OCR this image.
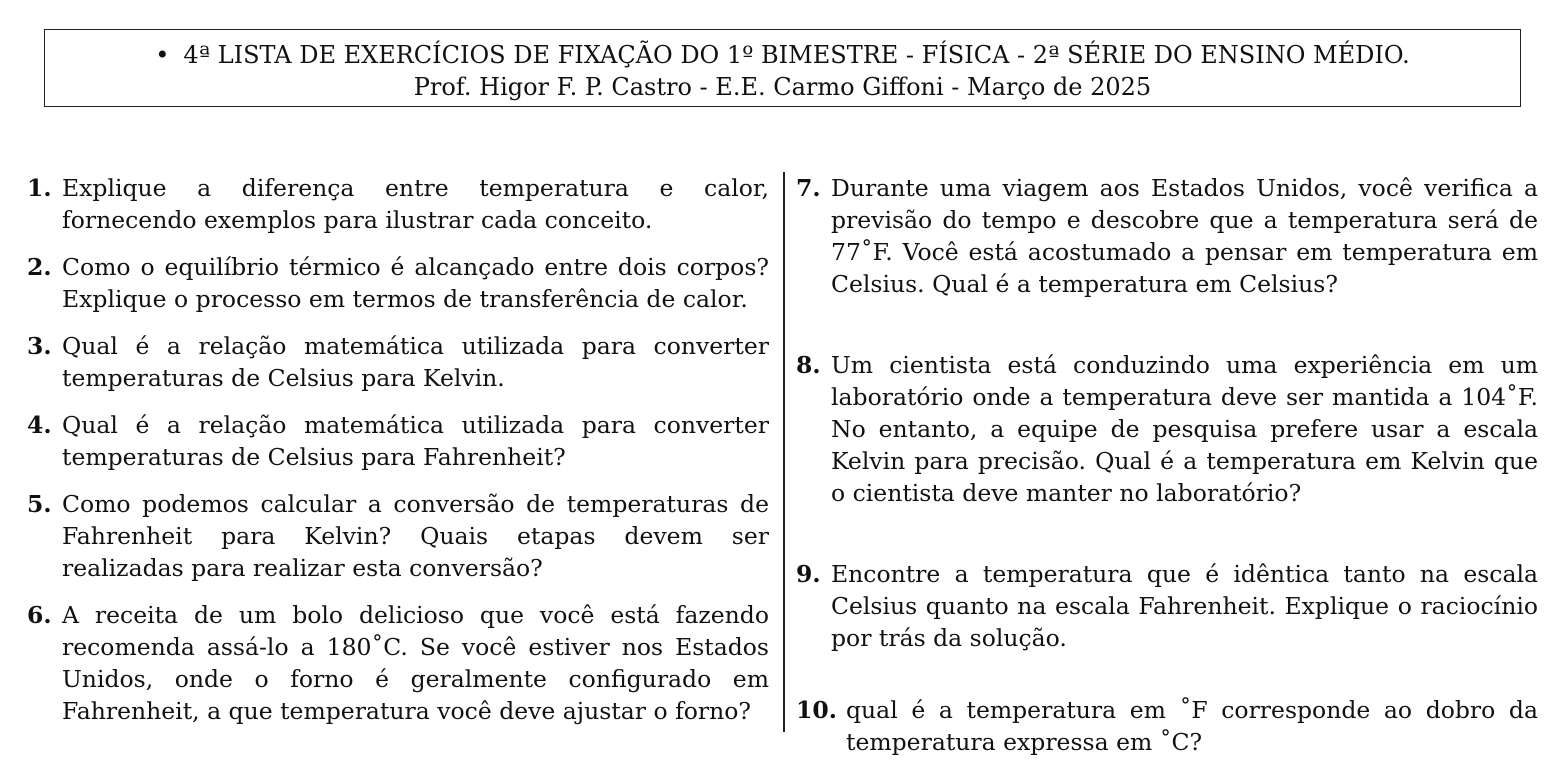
• 4ª LISTA DE EXERCÍCIOS DE FIXAÇÃO DO 1º BIMESTRE - FÍSICA - 2ª SÉRIE DO ENSINO MÉDIO.
Prof. Higor F. P. Castro - E.E. Carmo Giffoni - Março de 2025
1. Explique a diferença entre temperatura e calor, fornecendo exemplos para ilustrar cada conceito.
2. Como o equilíbrio térmico é alcançado entre dois corpos? Explique o processo em termos de transferência de calor.
3. Qual é a relação matemática utilizada para converter temperaturas de Celsius para Kelvin.
4. Qual é a relação matemática utilizada para converter temperaturas de Celsius para Fahrenheit?
5. Como podemos calcular a conversão de temperaturas de Fahrenheit para Kelvin? Quais etapas devem ser realizadas para realizar esta conversão?
6. A receita de um bolo delicioso que você está fazendo recomenda assá-lo a 180˚C. Se você estiver nos Estados Unidos, onde o forno é geralmente configurado em Fahrenheit, a que temperatura você deve ajustar o forno?
7. Durante uma viagem aos Estados Unidos, você verifica a previsão do tempo e descobre que a temperatura será de 77˚F. Você está acostumado a pensar em temperatura em Celsius. Qual é a temperatura em Celsius?
8. Um cientista está conduzindo uma experiência em um laboratório onde a temperatura deve ser mantida a 104˚F. No entanto, a equipe de pesquisa prefere usar a escala Kelvin para precisão. Qual é a temperatura em Kelvin que o cientista deve manter no laboratório?
9. Encontre a temperatura que é idêntica tanto na escala Celsius quanto na escala Fahrenheit. Explique o raciocínio por trás da solução.
10. qual é a temperatura em ˚F corresponde ao dobro da temperatura expressa em ˚C?
